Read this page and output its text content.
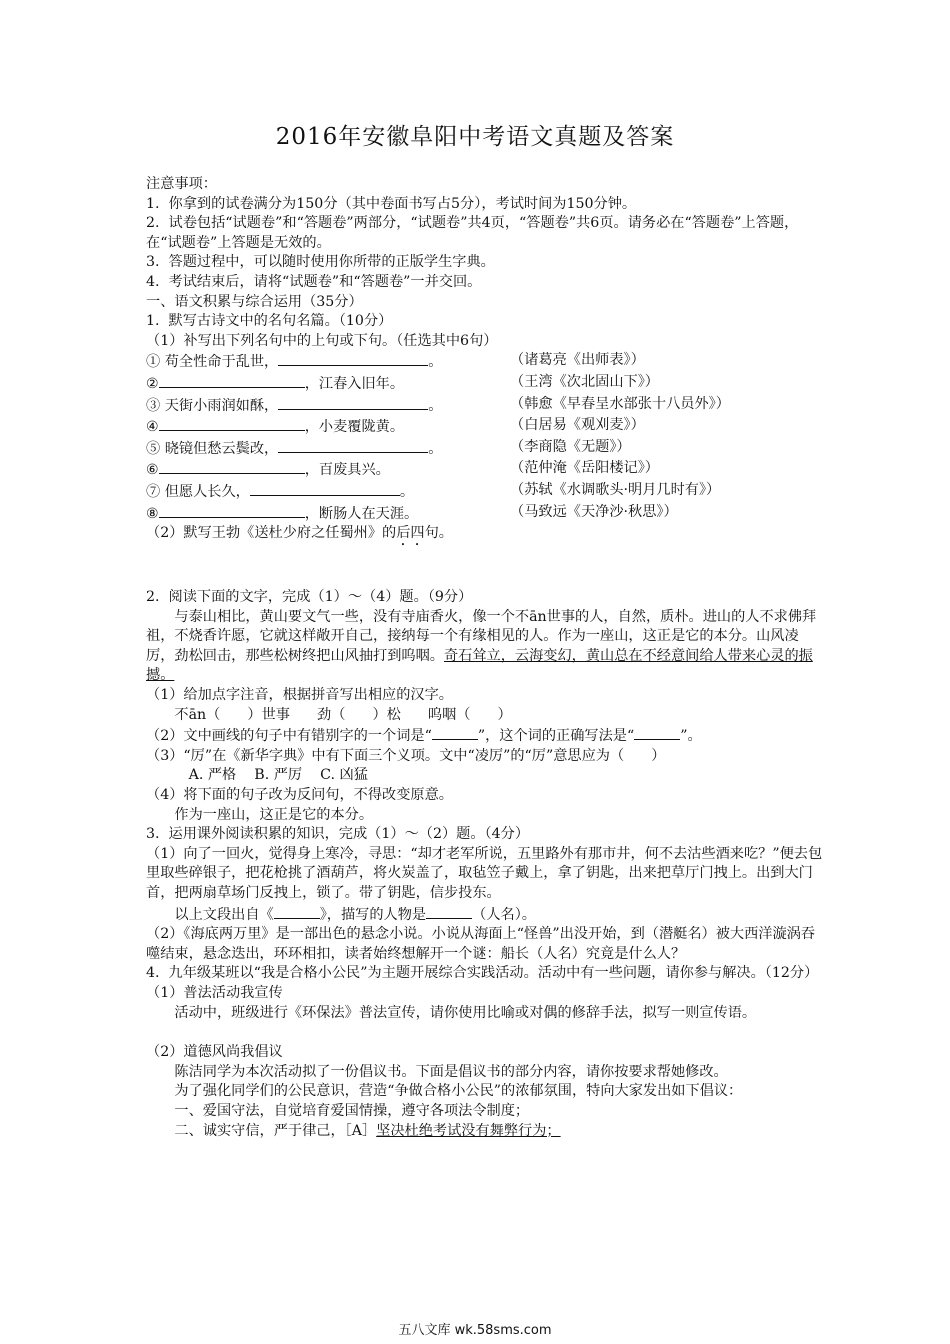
2016年安徽阜阳中考语文真题及答案

注意事项：

1.  你拿到的试卷满分为150分（其中卷面书写占5分），考试时间为150分钟。

2.  试卷包括“试题卷”和“答题卷”两部分，“试题卷”共4页，“答题卷”共6页。请务必在“答题卷”上答题，在“试题卷”上答题是无效的。

3.  答题过程中，可以随时使用你所带的正版学生字典。

4.  考试结束后，请将“试题卷”和“答题卷”一并交回。

一、语文积累与综合运用（35分）

1.  默写古诗文中的名句名篇。（10分）

（1）补写出下列名句中的上句或下句。（任选其中6句）

① 苟全性命于乱世，	。	（诸葛亮《出师表》）

②	，江春入旧年。	（王湾《次北固山下》）

③ 天街小雨润如酥，	。	（韩愈《早春呈水部张十八员外》）

④	，小麦覆陇黄。	（白居易《观刈麦》）

⑤ 晓镜但愁云鬓改，	。	（李商隐《无题》）

⑥	，百废具兴。	（范仲淹《岳阳楼记》）

⑦ 但愿人长久，	。	（苏轼《水调歌头·明月几时有》）

⑧	，断肠人在天涯。	（马致远《天净沙·秋思》）

（2）默写王勃《送杜少府之任蜀州》的后四句。

2.  阅读下面的文字，完成（1）～（4）题。（9分）

与泰山相比，黄山要文气一些，没有寺庙香火，像一个不ān世事的人，自然，质朴。进山的人不求佛拜祖，不烧香许愿，它就这样敞开自己，接纳每一个有缘相见的人。作为一座山，这正是它的本分。山风凌厉，劲松回击，那些松树终把山风抽打到呜咽。奇石耸立，云海变幻，黄山总在不经意间给人带来心灵的振撼。

（1）给加点字注音，根据拼音写出相应的汉字。

不ān（      ）世事      劲（      ）松      呜咽（      ）

（2）文中画线的句子中有错别字的一个词是“	”，这个词的正确写法是“	”。

（3）“厉”在《新华字典》中有下面三个义项。文中“凌厉”的“厉”意思应为（      ）

A. 严格    B. 严厉    C. 凶猛

（4）将下面的句子改为反问句，不得改变原意。

作为一座山，这正是它的本分。

3.  运用课外阅读积累的知识，完成（1）～（2）题。（4分）

（1）向了一回火，觉得身上寒冷，寻思：“却才老军所说，五里路外有那市井，何不去沽些酒来吃？”便去包里取些碎银子，把花枪挑了酒葫芦，将火炭盖了，取毡笠子戴上，拿了钥匙，出来把草厅门拽上。出到大门首，把两扇草场门反拽上，锁了。带了钥匙，信步投东。

以上文段出自《	》，描写的人物是	（人名）。

（2）《海底两万里》是一部出色的悬念小说。小说从海面上“怪兽”出没开始，到（潜艇名）被大西洋漩涡吞噬结束，悬念迭出，环环相扣，读者始终想解开一个谜：船长（人名）究竟是什么人？

4.  九年级某班以“我是合格小公民”为主题开展综合实践活动。活动中有一些问题，请你参与解决。（12分）

（1）普法活动我宣传

活动中，班级进行《环保法》普法宣传，请你使用比喻或对偶的修辞手法，拟写一则宣传语。

（2）道德风尚我倡议

陈洁同学为本次活动拟了一份倡议书。下面是倡议书的部分内容，请你按要求帮她修改。

为了强化同学们的公民意识，营造“争做合格小公民”的浓郁氛围，特向大家发出如下倡议：

一、爱国守法，自觉培育爱国情操，遵守各项法令制度；

二、诚实守信，严于律己，［A］坚决杜绝考试没有舞弊行为；

五八文库 wk.58sms.com
